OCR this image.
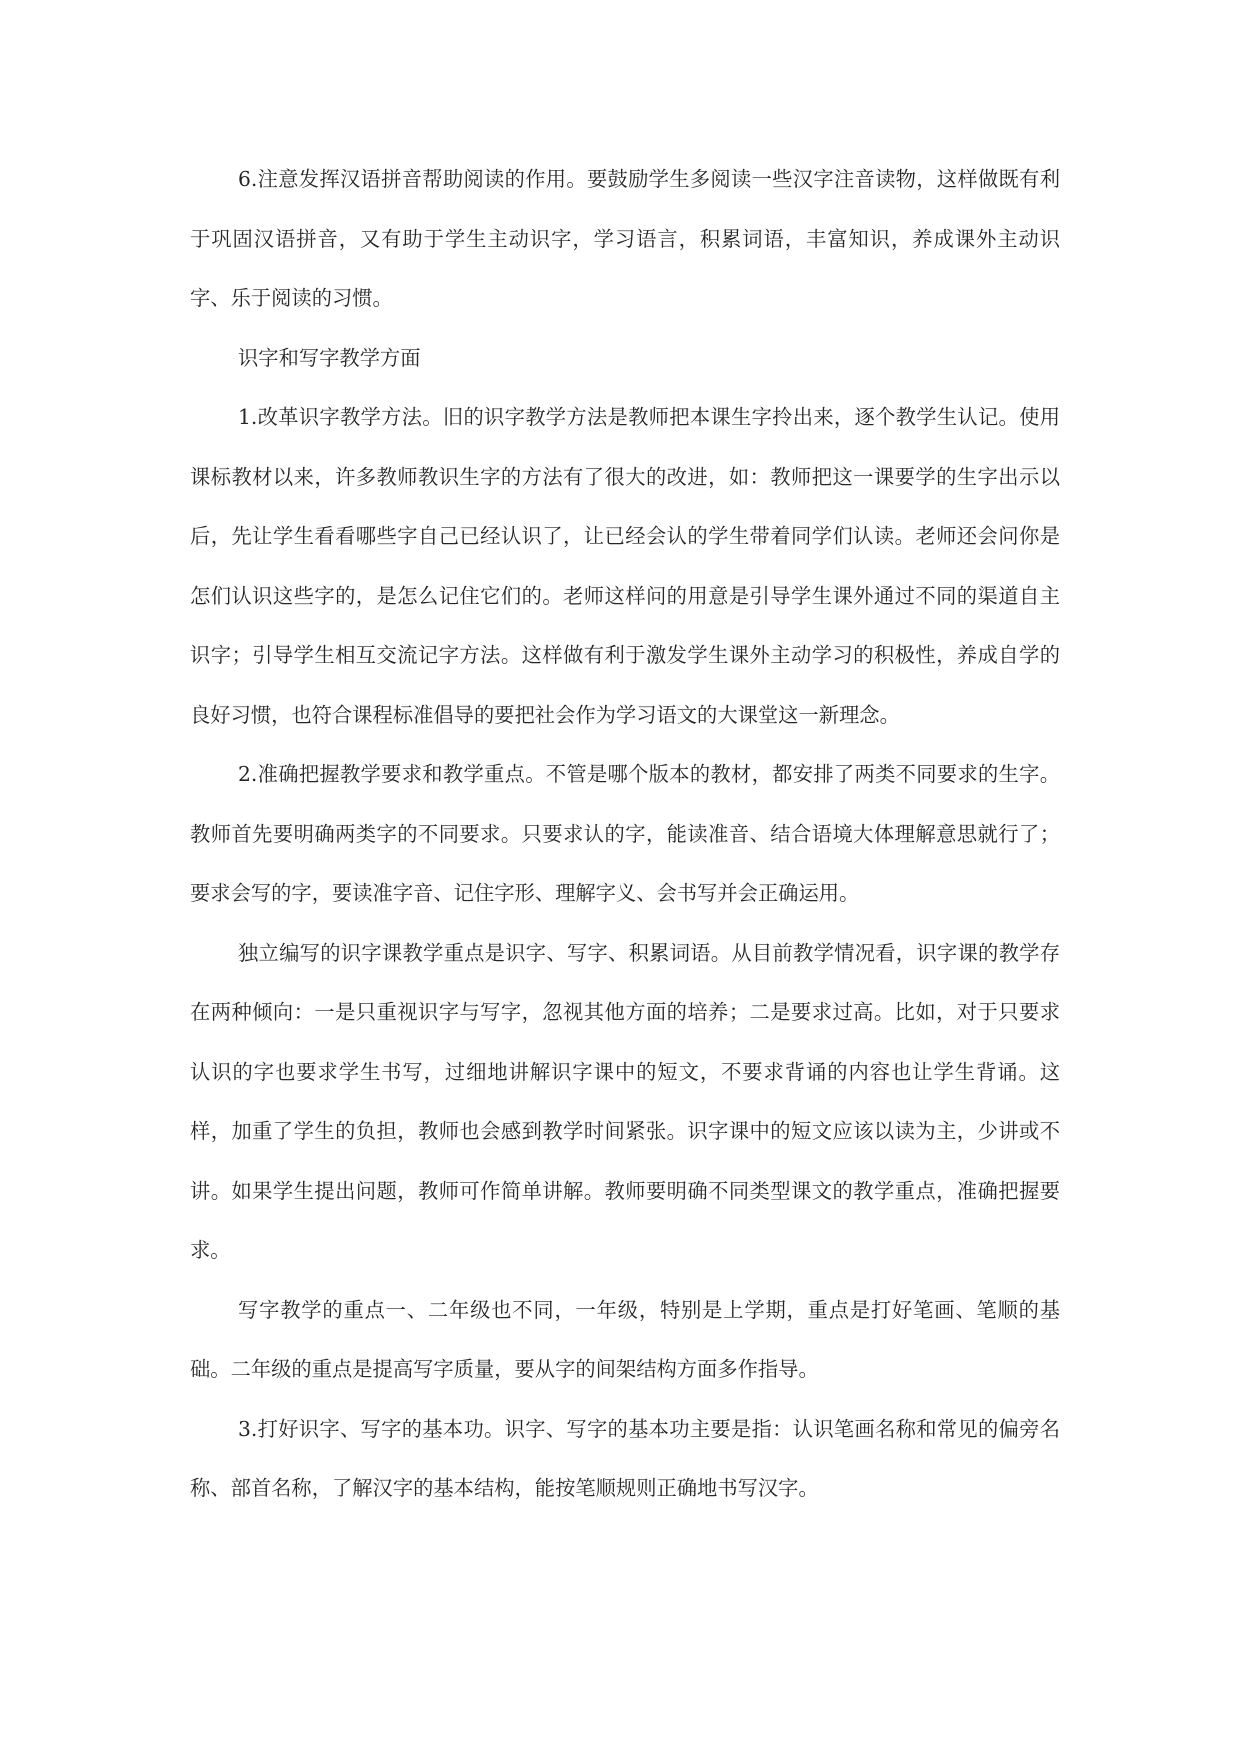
6.注意发挥汉语拼音帮助阅读的作用。要鼓励学生多阅读一些汉字注音读物，这样做既有利于巩固汉语拼音，又有助于学生主动识字，学习语言，积累词语，丰富知识，养成课外主动识字、乐于阅读的习惯。

识字和写字教学方面

1.改革识字教学方法。旧的识字教学方法是教师把本课生字拎出来，逐个教学生认记。使用课标教材以来，许多教师教识生字的方法有了很大的改进，如：教师把这一课要学的生字出示以后，先让学生看看哪些字自己已经认识了，让已经会认的学生带着同学们认读。老师还会问你是怎们认识这些字的，是怎么记住它们的。老师这样问的用意是引导学生课外通过不同的渠道自主识字；引导学生相互交流记字方法。这样做有利于激发学生课外主动学习的积极性，养成自学的良好习惯，也符合课程标准倡导的要把社会作为学习语文的大课堂这一新理念。

2.准确把握教学要求和教学重点。不管是哪个版本的教材，都安排了两类不同要求的生字。教师首先要明确两类字的不同要求。只要求认的字，能读准音、结合语境大体理解意思就行了；要求会写的字，要读准字音、记住字形、理解字义、会书写并会正确运用。

独立编写的识字课教学重点是识字、写字、积累词语。从目前教学情况看，识字课的教学存在两种倾向：一是只重视识字与写字，忽视其他方面的培养；二是要求过高。比如，对于只要求认识的字也要求学生书写，过细地讲解识字课中的短文，不要求背诵的内容也让学生背诵。这样，加重了学生的负担，教师也会感到教学时间紧张。识字课中的短文应该以读为主，少讲或不讲。如果学生提出问题，教师可作简单讲解。教师要明确不同类型课文的教学重点，准确把握要求。

写字教学的重点一、二年级也不同，一年级，特别是上学期，重点是打好笔画、笔顺的基础。二年级的重点是提高写字质量，要从字的间架结构方面多作指导。

3.打好识字、写字的基本功。识字、写字的基本功主要是指：认识笔画名称和常见的偏旁名称、部首名称，了解汉字的基本结构，能按笔顺规则正确地书写汉字。
